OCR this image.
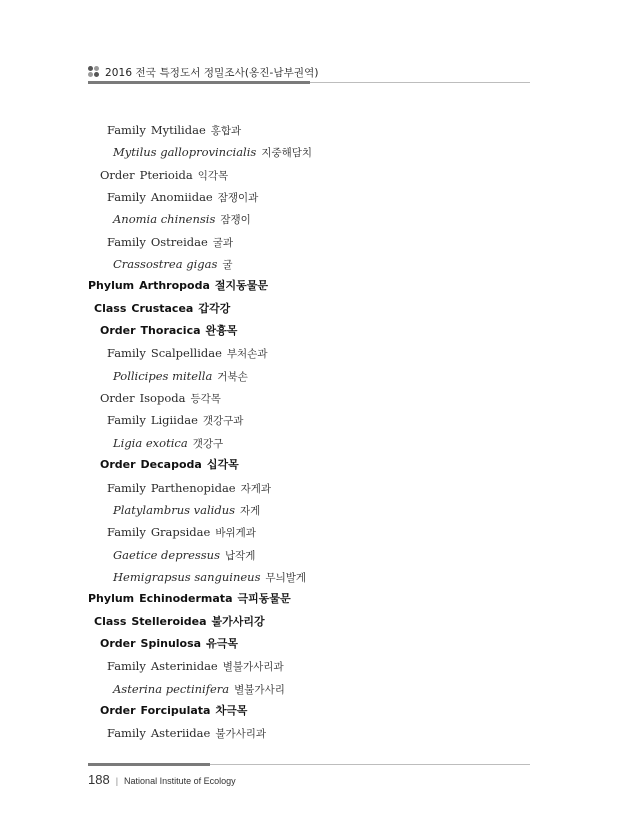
2016 전국 특정도서 정밀조사(옹진-남부권역)
Family Mytilidae 홍합과
Mytilus galloprovincialis 지중해담치
Order Pterioida 익각목
Family Anomiidae 잠쟁이과
Anomia chinensis 잠쟁이
Family Ostreidae 굴과
Crassostrea gigas 굴
Phylum Arthropoda 절지동물문
Class Crustacea 갑각강
Order Thoracica 완흉목
Family Scalpellidae 부처손과
Pollicipes mitella 거북손
Order Isopoda 등각목
Family Ligiidae 갯강구과
Ligia exotica 갯강구
Order Decapoda 십각목
Family Parthenopidae 자게과
Platylambrus validus 자게
Family Grapsidae 바위게과
Gaetice depressus 납작게
Hemigrapsus sanguineus 무늬발게
Phylum Echinodermata 극피동물문
Class Stelleroidea 불가사리강
Order Spinulosa 유극목
Family Asterinidae 별불가사리과
Asterina pectinifera 별불가사리
Order Forcipulata 차극목
Family Asteriidae 불가사리과
188 | National Institute of Ecology
